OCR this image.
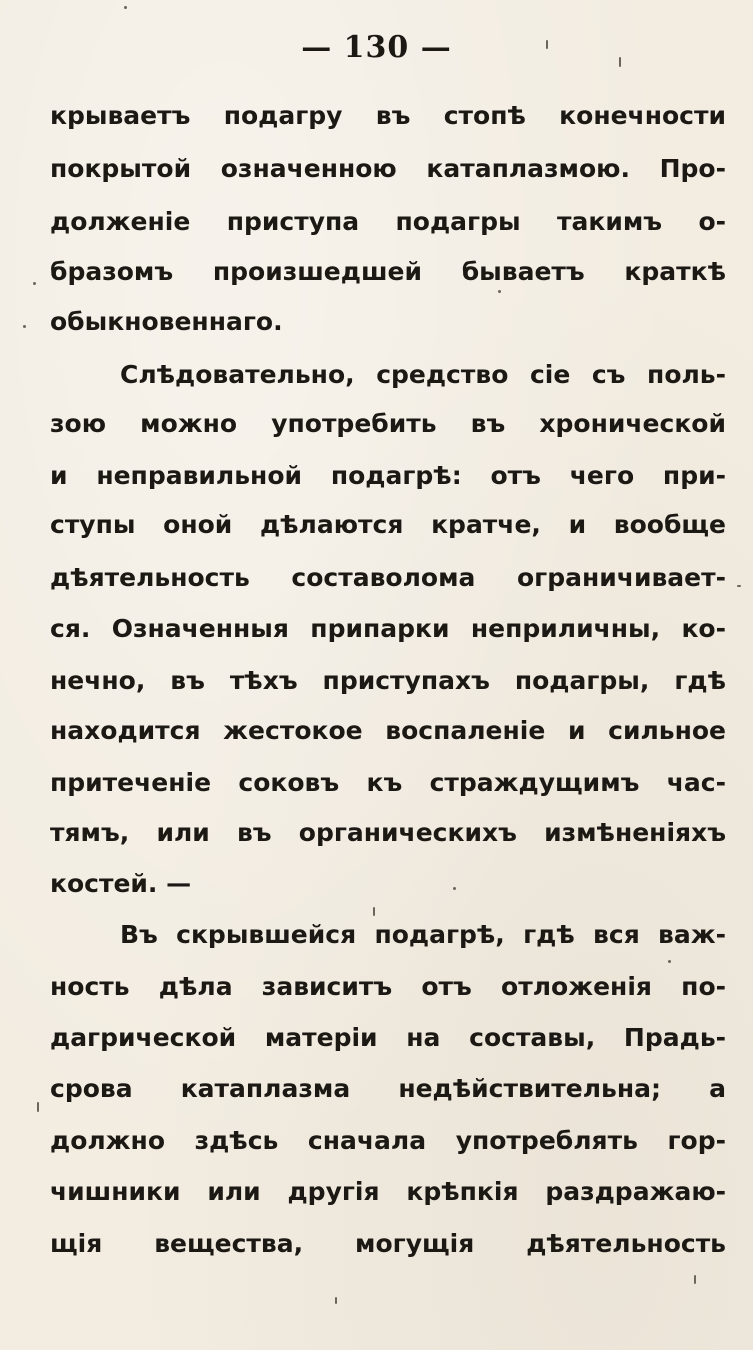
— 130 —
крываетъ подагру въ стопѣ конечности
покрытой означенною катаплазмою. Про-
долженіе приступа подагры такимъ о-
бразомъ произшедшей бываетъ краткѣ
обыкновеннаго.
Слѣдовательно, средство сіе съ поль-
зою можно употребить въ хронической
и неправильной подагрѣ: отъ чего при-
ступы оной дѣлаются кратче, и вообще
дѣятельность составолома ограничивает-
ся. Означенныя припарки неприличны, ко-
нечно, въ тѣхъ приступахъ подагры, гдѣ
находится жестокое воспаленіе и сильное
притеченіе соковъ къ страждущимъ час-
тямъ, или въ органическихъ измѣненіяхъ
костей. —
Въ скрывшейся подагрѣ, гдѣ вся важ-
ность дѣла зависитъ отъ отложенія по-
дагрической матеріи на составы, Прадь-
срова катаплазма недѣйствительна; а
должно здѣсь сначала употреблять гор-
чишники или другія крѣпкія раздражаю-
щія вещества, могущія дѣятельность
